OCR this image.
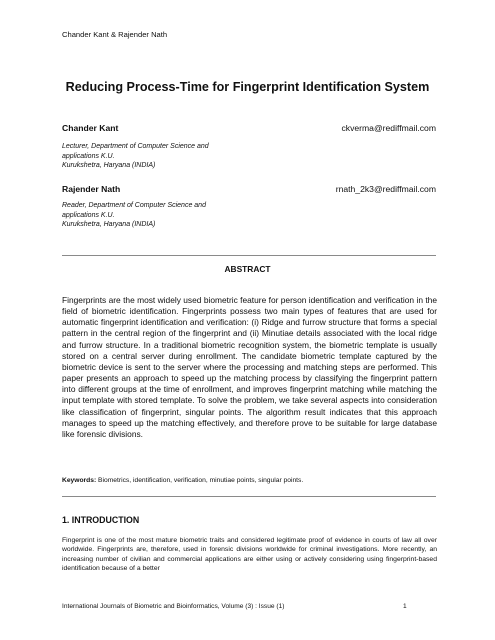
Chander Kant & Rajender Nath
Reducing Process-Time for Fingerprint Identification System
Chander Kant	ckverma@rediffmail.com
Lecturer, Department of Computer Science and
applications K.U.
Kurukshetra, Haryana (INDIA)
Rajender Nath	rnath_2k3@rediffmail.com
Reader, Department of Computer Science and
applications K.U.
Kurukshetra, Haryana (INDIA)
ABSTRACT
Fingerprints are the most widely used biometric feature for person identification and verification in the field of biometric identification. Fingerprints possess two main types of features that are used for automatic fingerprint identification and verification: (i) Ridge and furrow structure that forms a special pattern in the central region of the fingerprint and (ii) Minutiae details associated with the local ridge and furrow structure. In a traditional biometric recognition system, the biometric template is usually stored on a central server during enrollment. The candidate biometric template captured by the biometric device is sent to the server where the processing and matching steps are performed. This paper presents an approach to speed up the matching process by classifying the fingerprint pattern into different groups at the time of enrollment, and improves fingerprint matching while matching the input template with stored template. To solve the problem, we take several aspects into consideration like classification of fingerprint, singular points. The algorithm result indicates that this approach manages to speed up the matching effectively, and therefore prove to be suitable for large database like forensic divisions.
Keywords: Biometrics, identification, verification, minutiae points, singular points.
1. INTRODUCTION
Fingerprint is one of the most mature biometric traits and considered legitimate proof of evidence in courts of law all over worldwide. Fingerprints are, therefore, used in forensic divisions worldwide for criminal investigations. More recently, an increasing number of civilian and commercial applications are either using or actively considering using fingerprint-based identification because of a better
International Journals of Biometric and Bioinformatics, Volume (3) : Issue (1)	1
